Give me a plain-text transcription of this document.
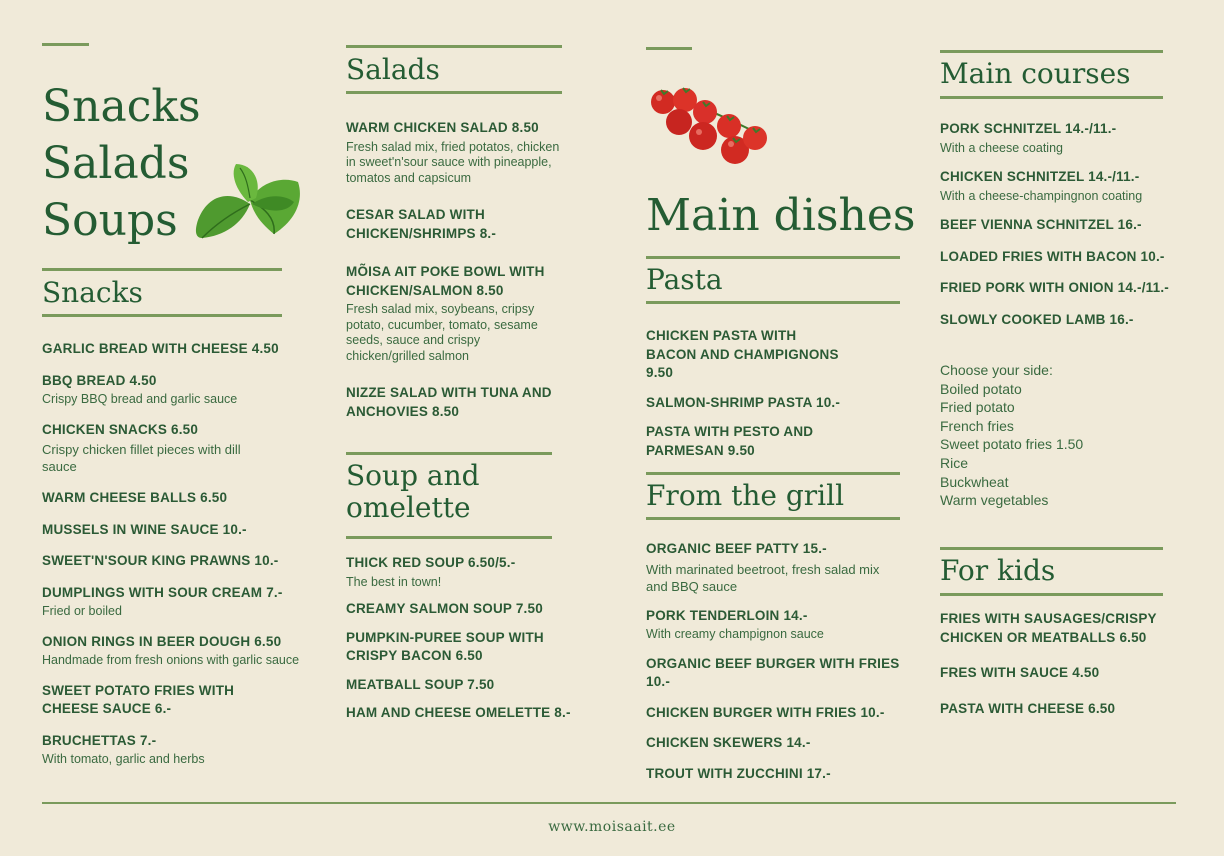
Snacks
Salads
Soups
Snacks
GARLIC BREAD WITH CHEESE 4.50
BBQ BREAD 4.50
Crispy BBQ bread and garlic sauce
CHICKEN SNACKS 6.50
Crispy chicken fillet pieces with dill sauce
WARM CHEESE BALLS 6.50
MUSSELS IN WINE SAUCE 10.-
SWEET'N'SOUR KING PRAWNS 10.-
DUMPLINGS WITH SOUR CREAM 7.-
Fried or boiled
ONION RINGS IN BEER DOUGH 6.50
Handmade from fresh onions with garlic sauce
SWEET POTATO FRIES WITH CHEESE SAUCE 6.-
BRUCHETTAS 7.-
With tomato, garlic and herbs
Salads
WARM CHICKEN SALAD 8.50
Fresh salad mix, fried potatos, chicken in sweet'n'sour sauce with pineapple, tomatos and capsicum
CESAR SALAD WITH CHICKEN/SHRIMPS 8.-
MÕISA AIT POKE BOWL WITH CHICKEN/SALMON 8.50
Fresh salad mix, soybeans, cripsy potato, cucumber, tomato, sesame seeds, sauce and crispy chicken/grilled salmon
NIZZE SALAD WITH TUNA AND ANCHOVIES 8.50
Soup and
omelette
THICK RED SOUP 6.50/5.-
The best in town!
CREAMY SALMON SOUP 7.50
PUMPKIN-PUREE SOUP WITH CRISPY BACON 6.50
MEATBALL SOUP 7.50
HAM AND CHEESE OMELETTE 8.-
Main dishes
Pasta
CHICKEN PASTA WITH BACON AND CHAMPIGNONS 9.50
SALMON-SHRIMP PASTA 10.-
PASTA WITH PESTO AND PARMESAN 9.50
From the grill
ORGANIC BEEF PATTY 15.-
With marinated beetroot, fresh salad mix and BBQ sauce
PORK TENDERLOIN 14.-
With creamy champignon sauce
ORGANIC BEEF BURGER WITH FRIES 10.-
CHICKEN BURGER WITH FRIES 10.-
CHICKEN SKEWERS 14.-
TROUT WITH ZUCCHINI 17.-
Main courses
PORK SCHNITZEL 14.-/11.-
With a cheese coating
CHICKEN SCHNITZEL 14.-/11.-
With a cheese-champingnon coating
BEEF VIENNA SCHNITZEL 16.-
LOADED FRIES WITH BACON 10.-
FRIED PORK WITH ONION 14.-/11.-
SLOWLY COOKED LAMB 16.-
Choose your side:
Boiled potato
Fried potato
French fries
Sweet potato fries 1.50
Rice
Buckwheat
Warm vegetables
For kids
FRIES WITH SAUSAGES/CRISPY CHICKEN OR MEATBALLS 6.50
FRES WITH SAUCE 4.50
PASTA WITH CHEESE 6.50
www.moisaait.ee
